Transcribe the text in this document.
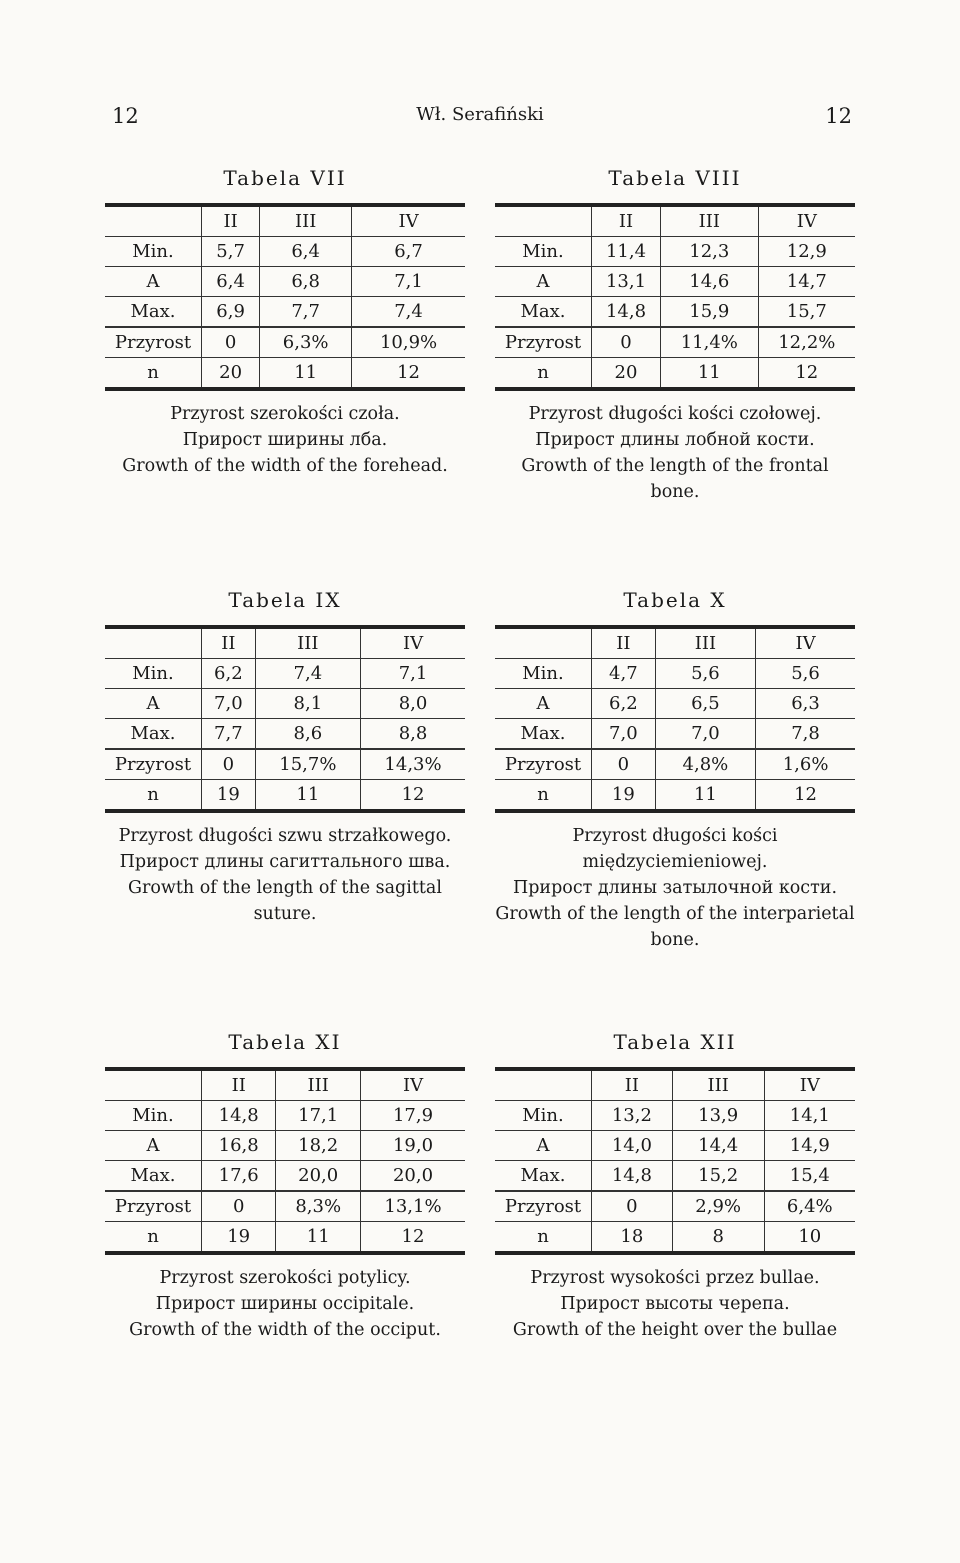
12	Wł. Serafiński	12
Tabela VII
	II	III	IV
Min.	5,7	6,4	6,7
A	6,4	6,8	7,1
Max.	6,9	7,7	7,4
Przyrost	0	6,3%	10,9%
n	20	11	12
Przyrost szerokości czoła.
Прирост ширины лба.
Growth of the width of the forehead.
Tabela VIII
	II	III	IV
Min.	11,4	12,3	12,9
A	13,1	14,6	14,7
Max.	14,8	15,9	15,7
Przyrost	0	11,4%	12,2%
n	20	11	12
Przyrost długości kości czołowej.
Прирост длины лобной кости.
Growth of the length of the frontal bone.
Tabela IX
	II	III	IV
Min.	6,2	7,4	7,1
A	7,0	8,1	8,0
Max.	7,7	8,6	8,8
Przyrost	0	15,7%	14,3%
n	19	11	12
Przyrost długości szwu strzałkowego.
Прирост длины сагиттального шва.
Growth of the length of the sagittal suture.
Tabela X
	II	III	IV
Min.	4,7	5,6	5,6
A	6,2	6,5	6,3
Max.	7,0	7,0	7,8
Przyrost	0	4,8%	1,6%
n	19	11	12
Przyrost długości kości międzyciemieniowej.
Прирост длины затылочной кости.
Growth of the length of the interparietal bone.
Tabela XI
	II	III	IV
Min.	14,8	17,1	17,9
A	16,8	18,2	19,0
Max.	17,6	20,0	20,0
Przyrost	0	8,3%	13,1%
n	19	11	12
Przyrost szerokości potylicy.
Прирост ширины occipitale.
Growth of the width of the occiput.
Tabela XII
	II	III	IV
Min.	13,2	13,9	14,1
A	14,0	14,4	14,9
Max.	14,8	15,2	15,4
Przyrost	0	2,9%	6,4%
n	18	8	10
Przyrost wysokości przez bullae.
Прирост высоты черепа.
Growth of the height over the bullae
